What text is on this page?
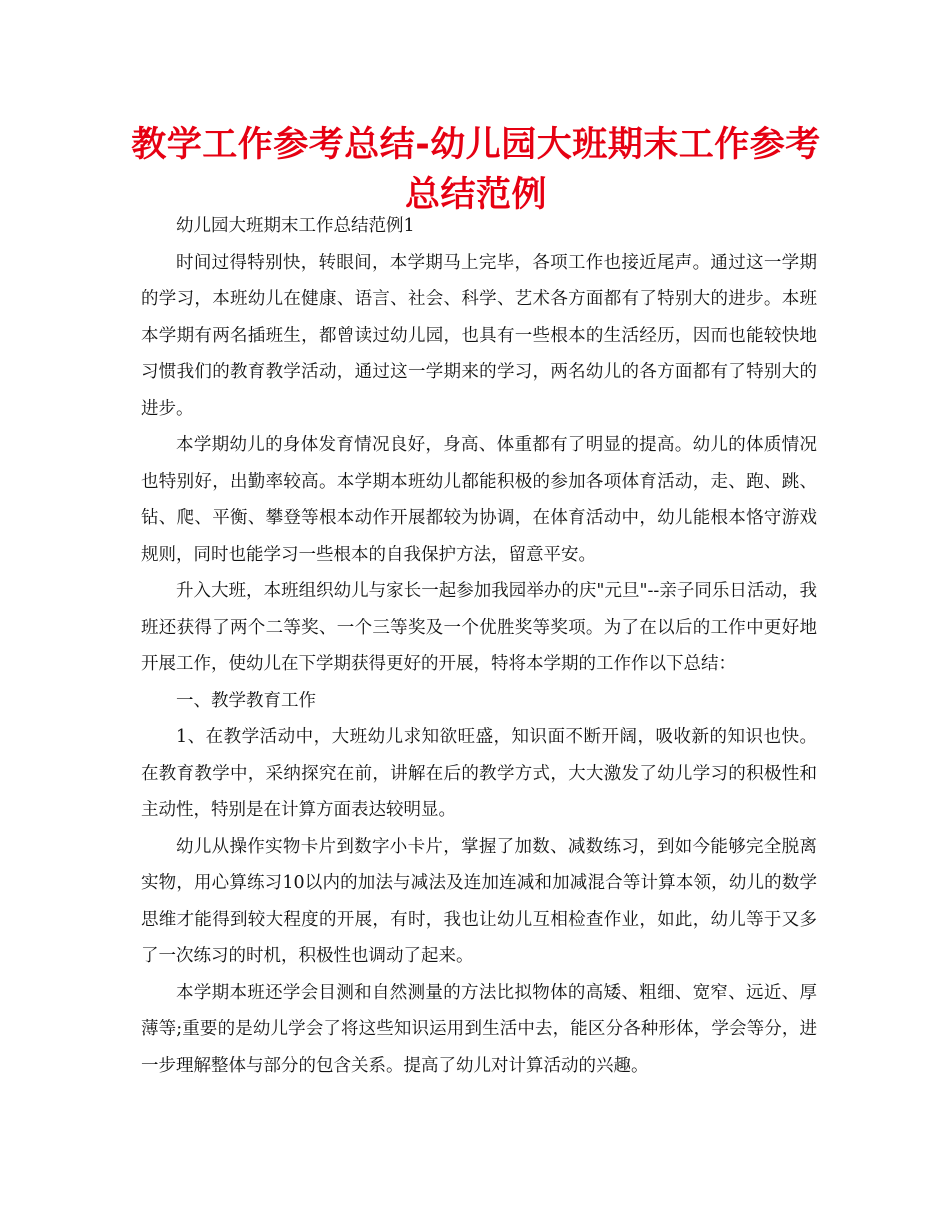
教学工作参考总结-幼儿园大班期末工作参考总结范例

幼儿园大班期末工作总结范例1

时间过得特别快，转眼间，本学期马上完毕，各项工作也接近尾声。通过这一学期的学习，本班幼儿在健康、语言、社会、科学、艺术各方面都有了特别大的进步。本班本学期有两名插班生，都曾读过幼儿园，也具有一些根本的生活经历，因而也能较快地习惯我们的教育教学活动，通过这一学期来的学习，两名幼儿的各方面都有了特别大的进步。

本学期幼儿的身体发育情况良好，身高、体重都有了明显的提高。幼儿的体质情况也特别好，出勤率较高。本学期本班幼儿都能积极的参加各项体育活动，走、跑、跳、钻、爬、平衡、攀登等根本动作开展都较为协调，在体育活动中，幼儿能根本恪守游戏规则，同时也能学习一些根本的自我保护方法，留意平安。

升入大班，本班组织幼儿与家长一起参加我园举办的庆"元旦"--亲子同乐日活动，我班还获得了两个二等奖、一个三等奖及一个优胜奖等奖项。为了在以后的工作中更好地开展工作，使幼儿在下学期获得更好的开展，特将本学期的工作作以下总结：

一、教学教育工作

1、在教学活动中，大班幼儿求知欲旺盛，知识面不断开阔，吸收新的知识也快。在教育教学中，采纳探究在前，讲解在后的教学方式，大大激发了幼儿学习的积极性和主动性，特别是在计算方面表达较明显。

幼儿从操作实物卡片到数字小卡片，掌握了加数、减数练习，到如今能够完全脱离实物，用心算练习10以内的加法与减法及连加连减和加减混合等计算本领，幼儿的数学思维才能得到较大程度的开展，有时，我也让幼儿互相检查作业，如此，幼儿等于又多了一次练习的时机，积极性也调动了起来。

本学期本班还学会目测和自然测量的方法比拟物体的高矮、粗细、宽窄、远近、厚薄等;重要的是幼儿学会了将这些知识运用到生活中去，能区分各种形体，学会等分，进一步理解整体与部分的包含关系。提高了幼儿对计算活动的兴趣。
